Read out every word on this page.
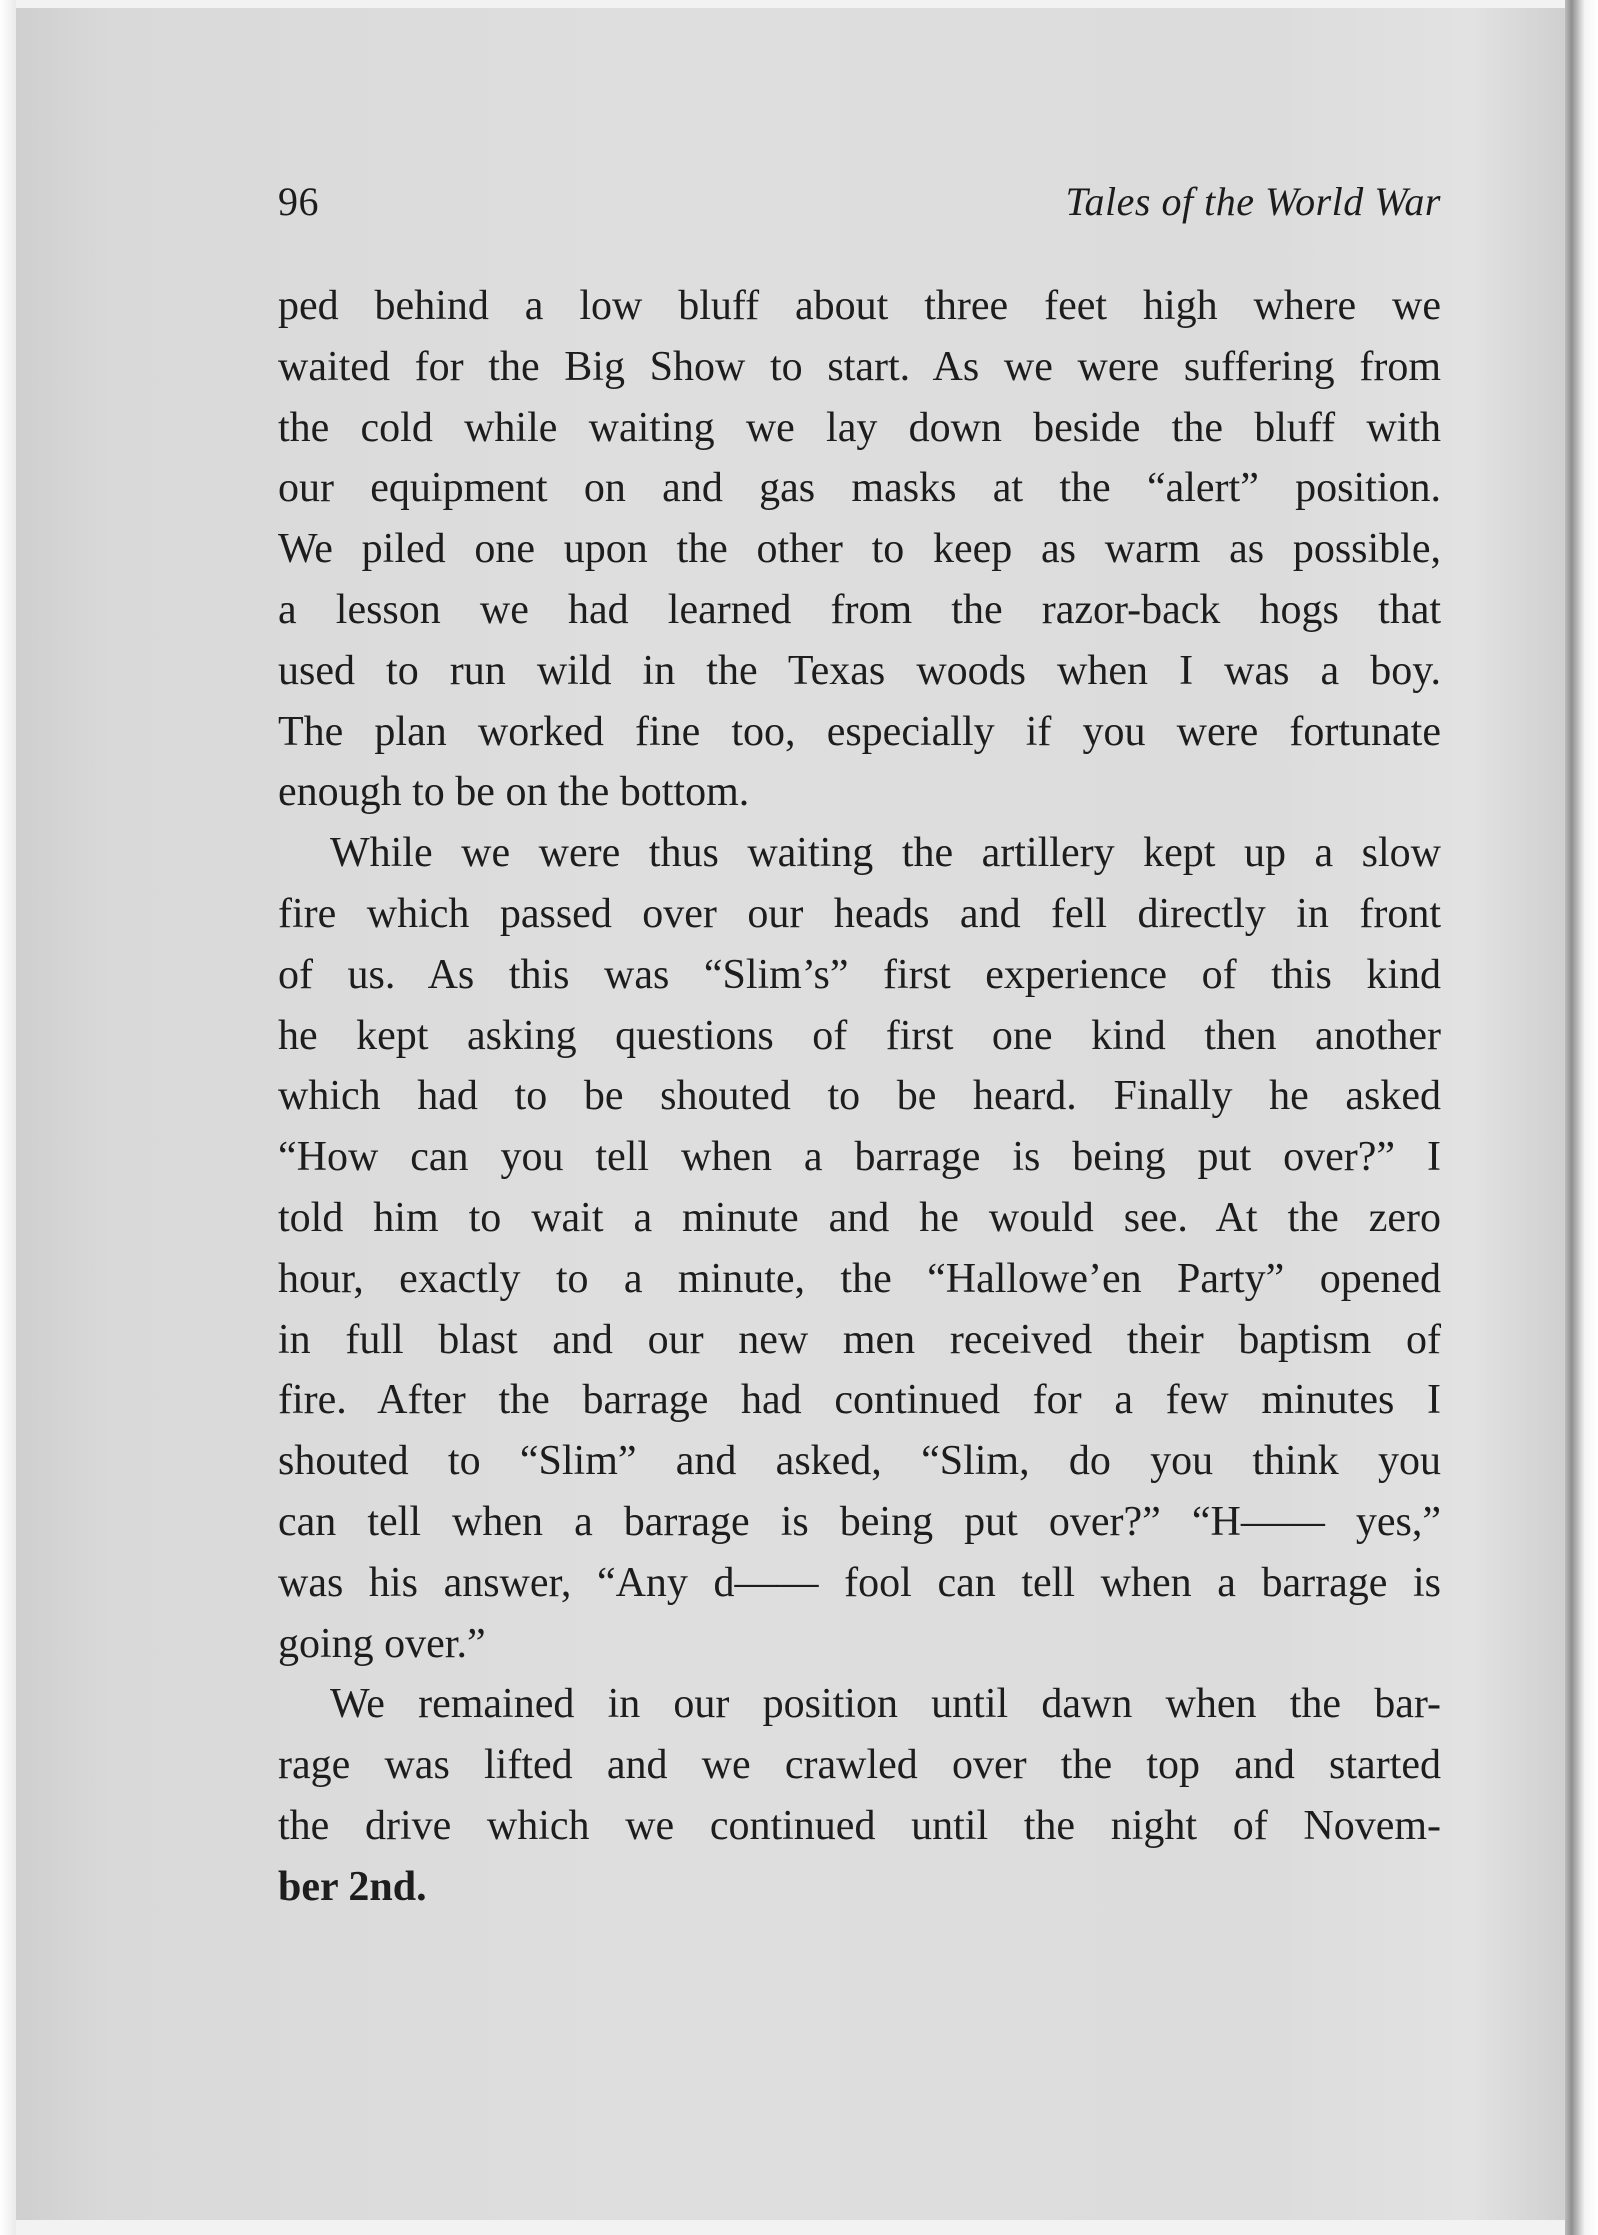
96	Tales of the World War
ped behind a low bluff about three feet high where we
waited for the Big Show to start. As we were suffering from
the cold while waiting we lay down beside the bluff with
our equipment on and gas masks at the “alert” position.
We piled one upon the other to keep as warm as possible,
a lesson we had learned from the razor-back hogs that
used to run wild in the Texas woods when I was a boy.
The plan worked fine too, especially if you were fortunate
enough to be on the bottom.
While we were thus waiting the artillery kept up a slow
fire which passed over our heads and fell directly in front
of us. As this was “Slim’s” first experience of this kind
he kept asking questions of first one kind then another
which had to be shouted to be heard. Finally he asked
“How can you tell when a barrage is being put over?” I
told him to wait a minute and he would see. At the zero
hour, exactly to a minute, the “Hallowe’en Party” opened
in full blast and our new men received their baptism of
fire. After the barrage had continued for a few minutes I
shouted to “Slim” and asked, “Slim, do you think you
can tell when a barrage is being put over?” “H—— yes,”
was his answer, “Any d—— fool can tell when a barrage is
going over.”
We remained in our position until dawn when the bar-
rage was lifted and we crawled over the top and started
the drive which we continued until the night of Novem-
ber 2nd.
